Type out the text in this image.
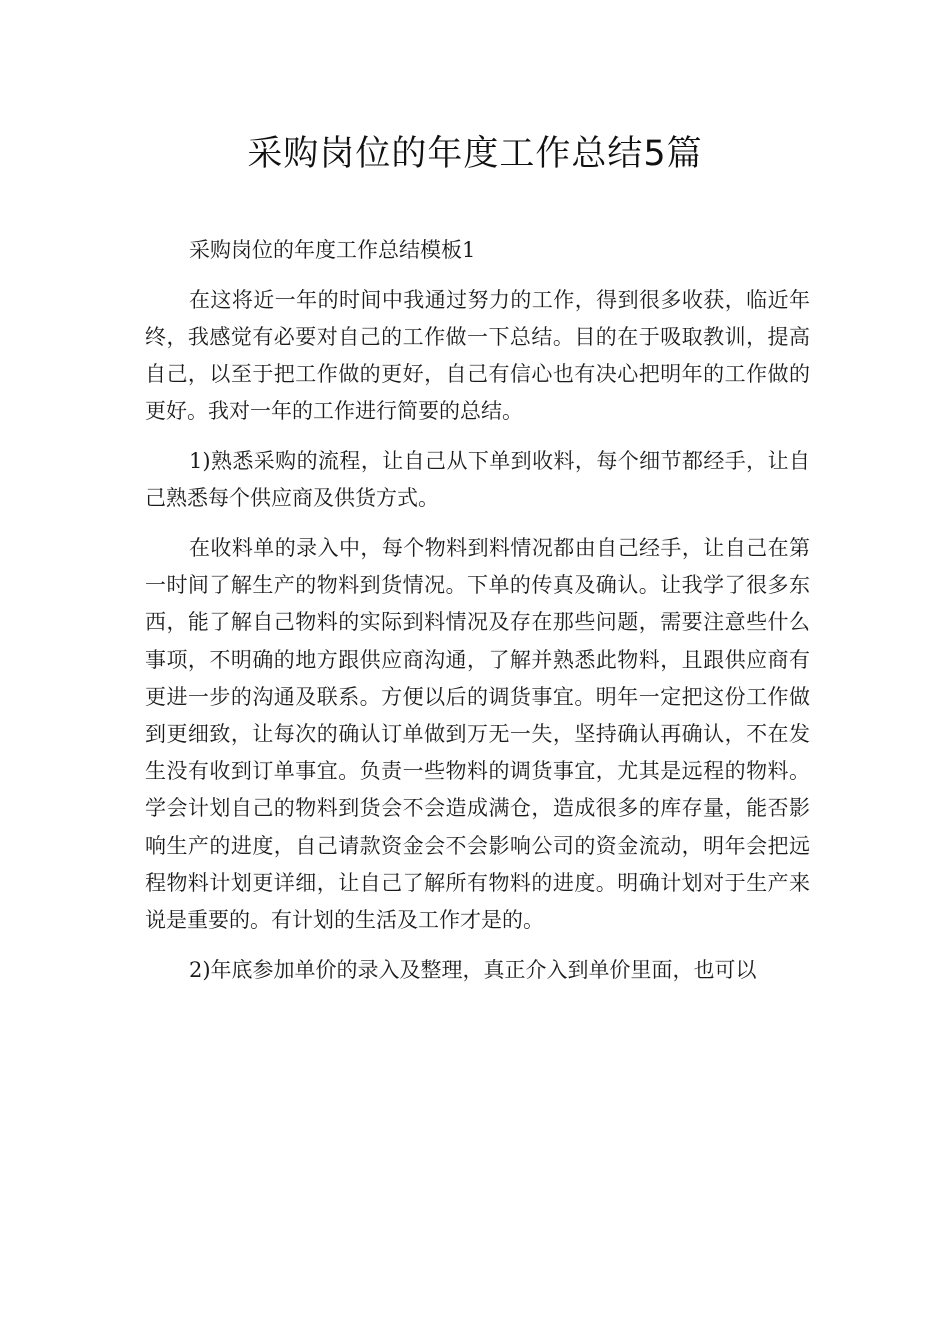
采购岗位的年度工作总结5篇

采购岗位的年度工作总结模板1

在这将近一年的时间中我通过努力的工作，得到很多收获，临近年终，我感觉有必要对自己的工作做一下总结。目的在于吸取教训，提高自己，以至于把工作做的更好，自己有信心也有决心把明年的工作做的更好。我对一年的工作进行简要的总结。

1)熟悉采购的流程，让自己从下单到收料，每个细节都经手，让自己熟悉每个供应商及供货方式。

在收料单的录入中，每个物料到料情况都由自己经手，让自己在第一时间了解生产的物料到货情况。下单的传真及确认。让我学了很多东西，能了解自己物料的实际到料情况及存在那些问题，需要注意些什么事项，不明确的地方跟供应商沟通，了解并熟悉此物料，且跟供应商有更进一步的沟通及联系。方便以后的调货事宜。明年一定把这份工作做到更细致，让每次的确认订单做到万无一失，坚持确认再确认，不在发生没有收到订单事宜。负责一些物料的调货事宜，尤其是远程的物料。学会计划自己的物料到货会不会造成满仓，造成很多的库存量，能否影响生产的进度，自己请款资金会不会影响公司的资金流动，明年会把远程物料计划更详细，让自己了解所有物料的进度。明确计划对于生产来说是重要的。有计划的生活及工作才是的。

2)年底参加单价的录入及整理，真正介入到单价里面，也可以
